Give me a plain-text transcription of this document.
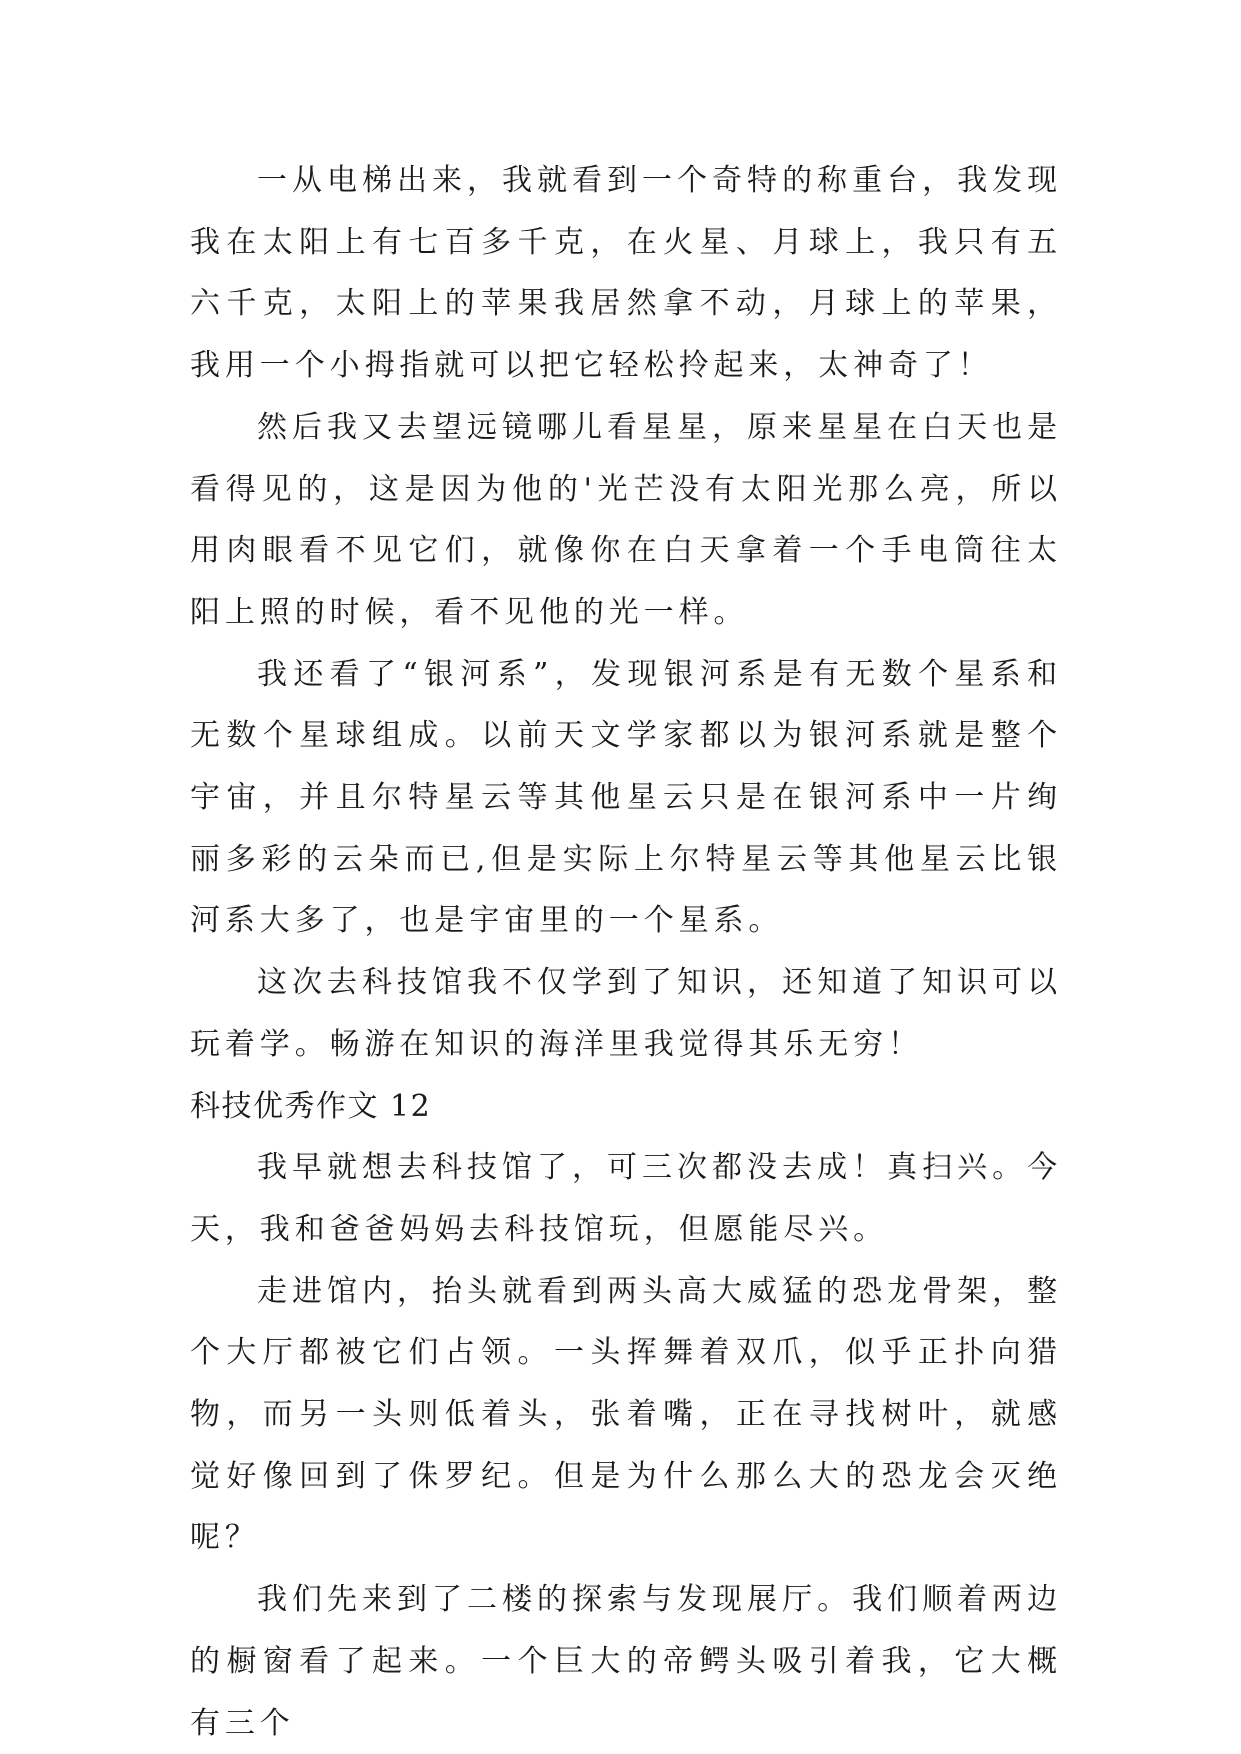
一从电梯出来，我就看到一个奇特的称重台，我发现我在太阳上有七百多千克，在火星、月球上，我只有五六千克，太阳上的苹果我居然拿不动，月球上的苹果，我用一个小拇指就可以把它轻松拎起来，太神奇了！

然后我又去望远镜哪儿看星星，原来星星在白天也是看得见的，这是因为他的'光芒没有太阳光那么亮，所以用肉眼看不见它们，就像你在白天拿着一个手电筒往太阳上照的时候，看不见他的光一样。

我还看了“银河系”，发现银河系是有无数个星系和无数个星球组成。以前天文学家都以为银河系就是整个宇宙，并且尔特星云等其他星云只是在银河系中一片绚丽多彩的云朵而已,但是实际上尔特星云等其他星云比银河系大多了，也是宇宙里的一个星系。

这次去科技馆我不仅学到了知识，还知道了知识可以玩着学。畅游在知识的海洋里我觉得其乐无穷！

科技优秀作文 12

我早就想去科技馆了，可三次都没去成！真扫兴。今天，我和爸爸妈妈去科技馆玩，但愿能尽兴。

走进馆内，抬头就看到两头高大威猛的恐龙骨架，整个大厅都被它们占领。一头挥舞着双爪，似乎正扑向猎物，而另一头则低着头，张着嘴，正在寻找树叶，就感觉好像回到了侏罗纪。但是为什么那么大的恐龙会灭绝呢？

我们先来到了二楼的探索与发现展厅。我们顺着两边的橱窗看了起来。一个巨大的帝鳄头吸引着我，它大概有三个
